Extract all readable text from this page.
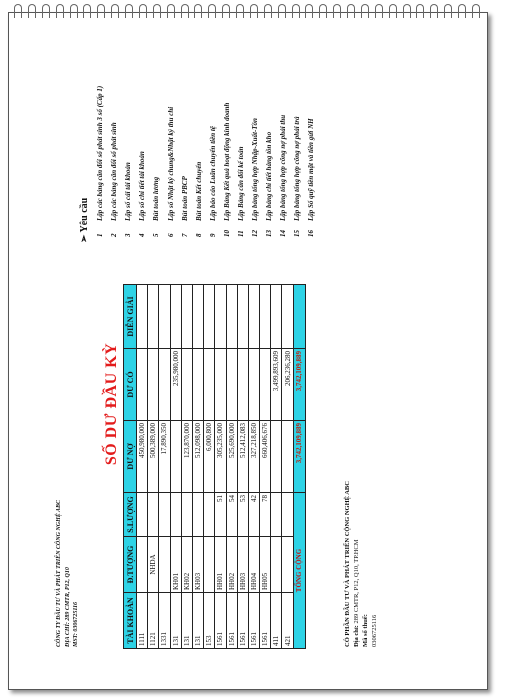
CÔNG TY ĐẦU TƯ VÀ PHÁT TRIỂN CÔNG NGHỆ ABC ĐỊA CHỈ: 289 CMTR, P12, Q10 MST: 0306725116
SỐ DƯ ĐẦU KỲ
TÀI KHOẢN	Đ.TƯỢNG	S.LƯỢNG	DƯ NỢ	DƯ CÓ	DIỄN GIẢI
1111			450,980,000		
1121	NHDA		500,389,000		
1331			17,890,350		
131	KH01			235,980,000	
131	KH02		123,870,000		
131	KH03		512,098,000		
153			6,000,800		
1561	HH01	51	305,235,000		
1561	HH02	54	525,690,000		
1561	HH03	53	512,412,083		
1561	HH04	42	327,218,850		
1561	HH05	78	660,406,676		
411				3,499,893,609	
421				206,236,280	
TỔNG CỘNG			3,742,109,889	3,742,109,889	
CÔ PHẦN ĐẦU TƯ VÀ PHÁT TRIỂN CỘNG NGHỆ ABC Địa chỉ: 289 CMTR, P12, Q10, TP.HCM
Mã số thuế: 0306725116
➢ Yêu cầu
1
Lập các bảng cân đối số phát sinh 3 số (Cấp 1)
2
Lập các bảng cân đối số phát sinh
3
Lập sổ cái tài khoản
4
Lập sổ chi tiết tài khoản
5
Bút toán lương
6
Lập sổ Nhật ký chung&Nhật ký thu chi
7
Bút toán PBCP
8
Bút toán Kết chuyển
9
Lập báo cáo Luân chuyển tiền tệ
10
Lập Bảng Kết quả hoạt động kinh doanh
11
Lập Bảng cân đối kế toán
12
Lập bảng tổng hợp Nhập-Xuất-Tồn
13
Lập bảng chi tiết hàng tồn kho
14
Lập bảng tổng hợp công nợ phải thu
15
Lập bảng tổng hợp công nợ phải trả
16
Lập Sổ quỹ tiền mặt và tiền gửi NH
